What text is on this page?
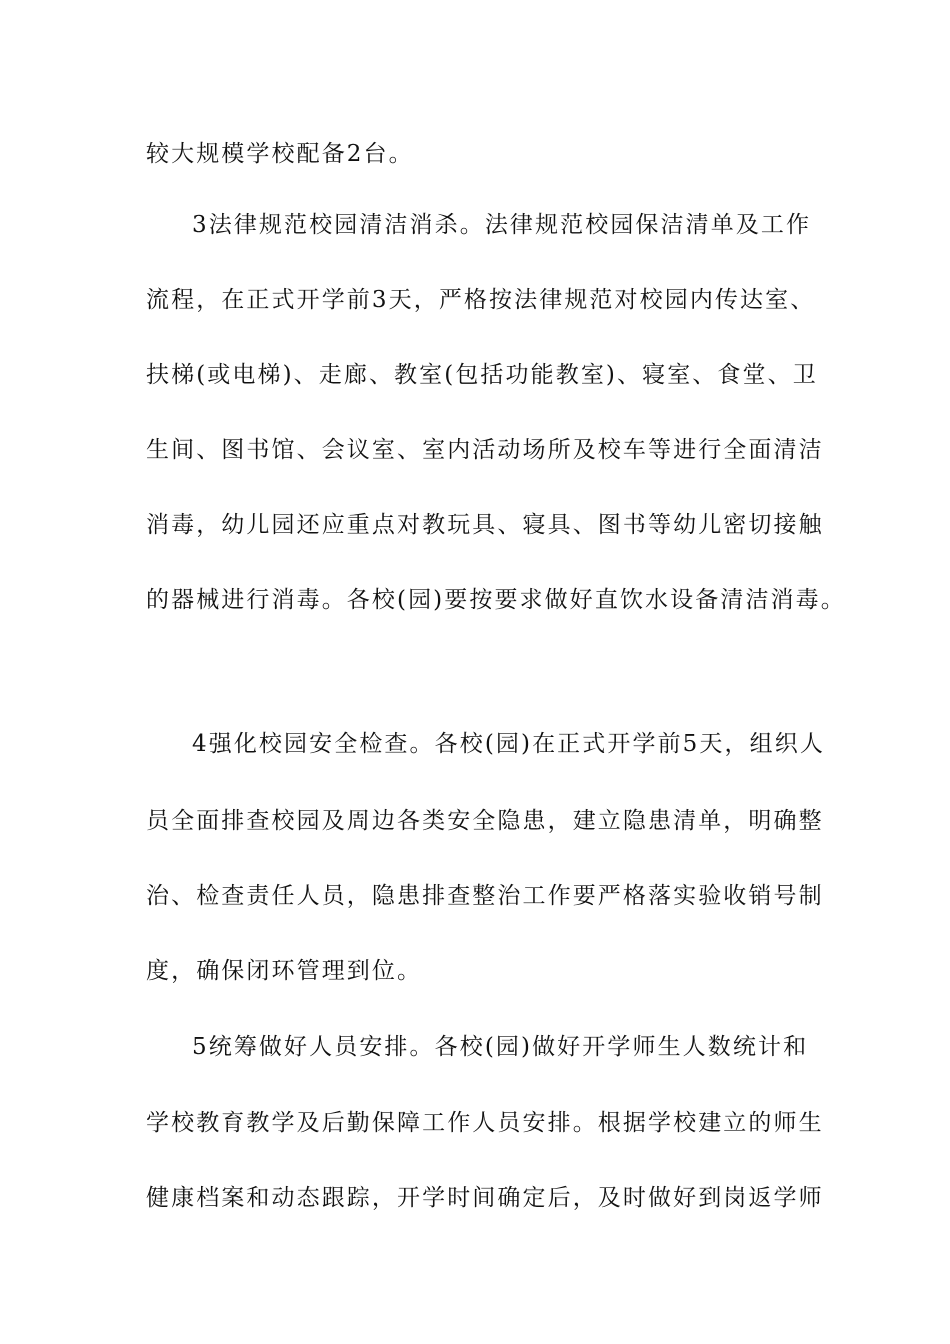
较大规模学校配备2台。
3法律规范校园清洁消杀。法律规范校园保洁清单及工作
流程，在正式开学前3天，严格按法律规范对校园内传达室、
扶梯(或电梯)、走廊、教室(包括功能教室)、寝室、食堂、卫
生间、图书馆、会议室、室内活动场所及校车等进行全面清洁
消毒，幼儿园还应重点对教玩具、寝具、图书等幼儿密切接触
的器械进行消毒。各校(园)要按要求做好直饮水设备清洁消毒。
4强化校园安全检查。各校(园)在正式开学前5天，组织人
员全面排查校园及周边各类安全隐患，建立隐患清单，明确整
治、检查责任人员，隐患排查整治工作要严格落实验收销号制
度，确保闭环管理到位。
5统筹做好人员安排。各校(园)做好开学师生人数统计和
学校教育教学及后勤保障工作人员安排。根据学校建立的师生
健康档案和动态跟踪，开学时间确定后，及时做好到岗返学师
